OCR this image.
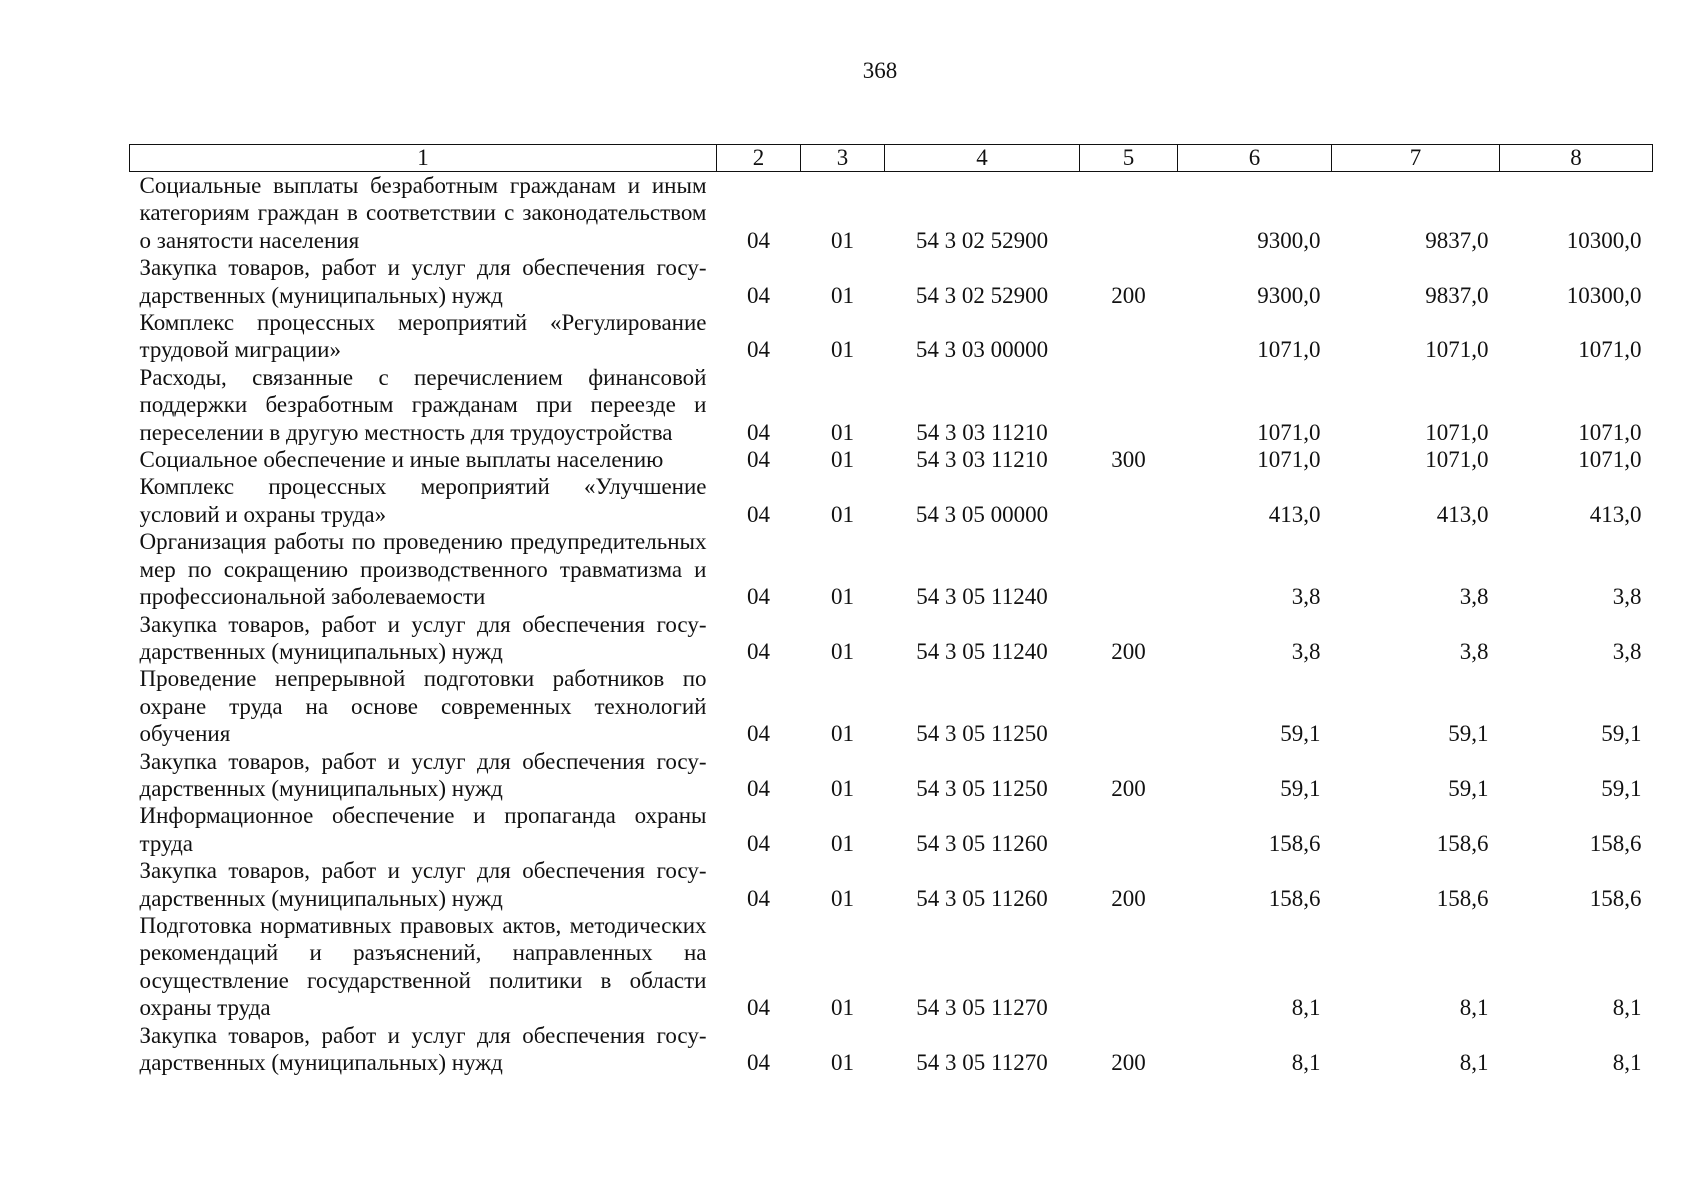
368
1	2	3	4	5	6	7	8
Социальные выплаты безработным гражданам и иным категориям граждан в соответствии с законодательством о занятости населения	04	01	54 3 02 52900		9300,0	9837,0	10300,0
Закупка товаров, работ и услуг для обеспечения государственных (муниципальных) нужд	04	01	54 3 02 52900	200	9300,0	9837,0	10300,0
Комплекс процессных мероприятий «Регулирование трудовой миграции»	04	01	54 3 03 00000		1071,0	1071,0	1071,0
Расходы, связанные с перечислением финансовой поддержки безработным гражданам при переезде и переселении в другую местность для трудоустройства	04	01	54 3 03 11210		1071,0	1071,0	1071,0
Социальное обеспечение и иные выплаты населению	04	01	54 3 03 11210	300	1071,0	1071,0	1071,0
Комплекс процессных мероприятий «Улучшение условий и охраны труда»	04	01	54 3 05 00000		413,0	413,0	413,0
Организация работы по проведению предупредительных мер по сокращению производственного травматизма и профессиональной заболеваемости	04	01	54 3 05 11240		3,8	3,8	3,8
Закупка товаров, работ и услуг для обеспечения государственных (муниципальных) нужд	04	01	54 3 05 11240	200	3,8	3,8	3,8
Проведение непрерывной подготовки работников по охране труда на основе современных технологий обучения	04	01	54 3 05 11250		59,1	59,1	59,1
Закупка товаров, работ и услуг для обеспечения государственных (муниципальных) нужд	04	01	54 3 05 11250	200	59,1	59,1	59,1
Информационное обеспечение и пропаганда охраны труда	04	01	54 3 05 11260		158,6	158,6	158,6
Закупка товаров, работ и услуг для обеспечения государственных (муниципальных) нужд	04	01	54 3 05 11260	200	158,6	158,6	158,6
Подготовка нормативных правовых актов, методических рекомендаций и разъяснений, направленных на осуществление государственной политики в области охраны труда	04	01	54 3 05 11270		8,1	8,1	8,1
Закупка товаров, работ и услуг для обеспечения государственных (муниципальных) нужд	04	01	54 3 05 11270	200	8,1	8,1	8,1
